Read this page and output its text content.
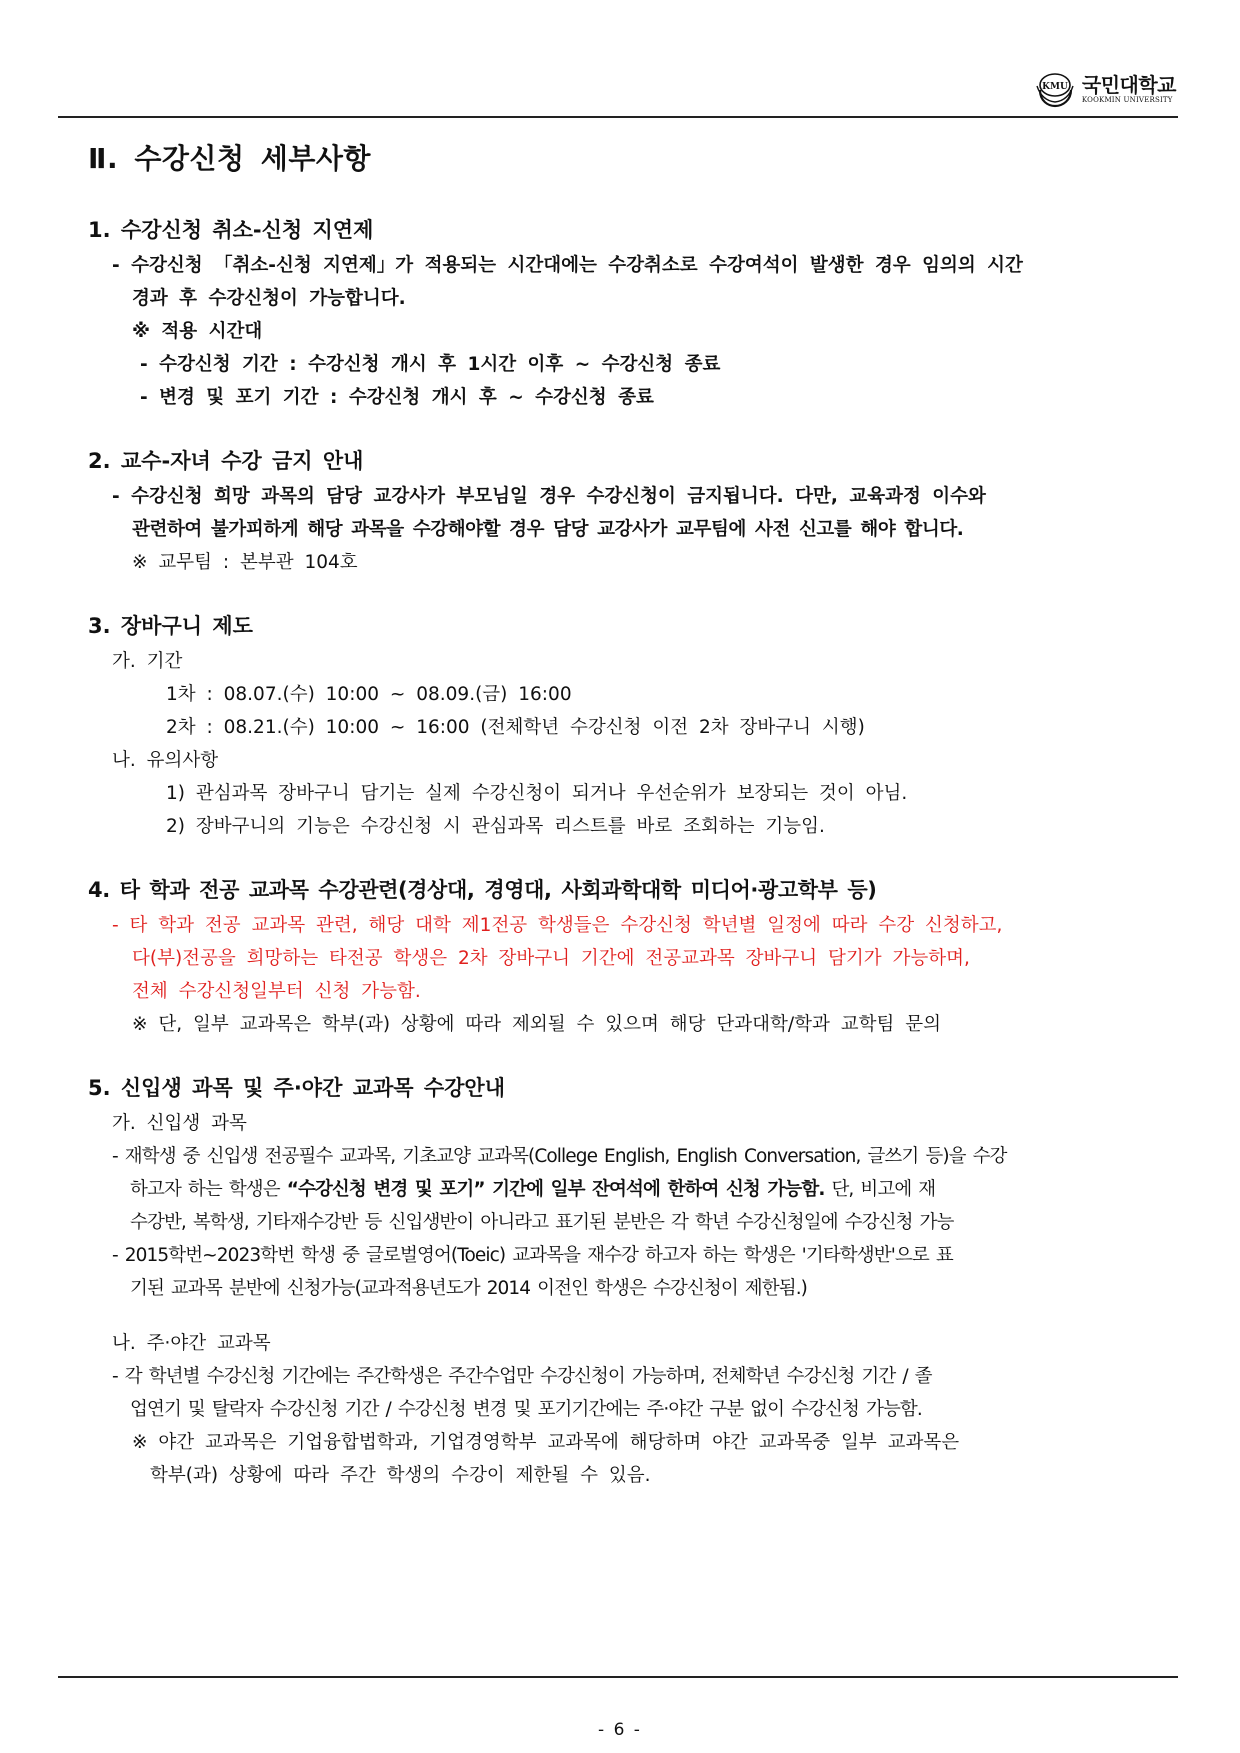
KMU 국민대학교
KOOKMIN UNIVERSITY
Ⅱ. 수강신청 세부사항
1. 수강신청 취소-신청 지연제
- 수강신청 「취소-신청 지연제」가 적용되는 시간대에는 수강취소로 수강여석이 발생한 경우 임의의 시간
경과 후 수강신청이 가능합니다.
※ 적용 시간대
- 수강신청 기간 : 수강신청 개시 후 1시간 이후 ~ 수강신청 종료
- 변경 및 포기 기간 : 수강신청 개시 후 ~ 수강신청 종료
2. 교수-자녀 수강 금지 안내
- 수강신청 희망 과목의 담당 교강사가 부모님일 경우 수강신청이 금지됩니다. 다만, 교육과정 이수와
관련하여 불가피하게 해당 과목을 수강해야할 경우 담당 교강사가 교무팀에 사전 신고를 해야 합니다.
※ 교무팀 : 본부관 104호
3. 장바구니 제도
가. 기간
1차 : 08.07.(수) 10:00 ~ 08.09.(금) 16:00
2차 : 08.21.(수) 10:00 ~ 16:00 (전체학년 수강신청 이전 2차 장바구니 시행)
나. 유의사항
1) 관심과목 장바구니 담기는 실제 수강신청이 되거나 우선순위가 보장되는 것이 아님.
2) 장바구니의 기능은 수강신청 시 관심과목 리스트를 바로 조회하는 기능임.
4. 타 학과 전공 교과목 수강관련(경상대, 경영대, 사회과학대학 미디어·광고학부 등)
- 타 학과 전공 교과목 관련, 해당 대학 제1전공 학생들은 수강신청 학년별 일정에 따라 수강 신청하고,
다(부)전공을 희망하는 타전공 학생은 2차 장바구니 기간에 전공교과목 장바구니 담기가 가능하며,
전체 수강신청일부터 신청 가능함.
※ 단, 일부 교과목은 학부(과) 상황에 따라 제외될 수 있으며 해당 단과대학/학과 교학팀 문의
5. 신입생 과목 및 주·야간 교과목 수강안내
가. 신입생 과목
- 재학생 중 신입생 전공필수 교과목, 기초교양 교과목(College English, English Conversation, 글쓰기 등)을 수강
하고자 하는 학생은 “수강신청 변경 및 포기” 기간에 일부 잔여석에 한하여 신청 가능함. 단, 비고에 재
수강반, 복학생, 기타재수강반 등 신입생반이 아니라고 표기된 분반은 각 학년 수강신청일에 수강신청 가능
- 2015학번~2023학번 학생 중 글로벌영어(Toeic) 교과목을 재수강 하고자 하는 학생은 '기타학생반'으로 표
기된 교과목 분반에 신청가능(교과적용년도가 2014 이전인 학생은 수강신청이 제한됨.)
나. 주·야간 교과목
- 각 학년별 수강신청 기간에는 주간학생은 주간수업만 수강신청이 가능하며, 전체학년 수강신청 기간 / 졸
업연기 및 탈락자 수강신청 기간 / 수강신청 변경 및 포기기간에는 주·야간 구분 없이 수강신청 가능함.
※ 야간 교과목은 기업융합법학과, 기업경영학부 교과목에 해당하며 야간 교과목중 일부 교과목은
학부(과) 상황에 따라 주간 학생의 수강이 제한될 수 있음.
- 6 -
